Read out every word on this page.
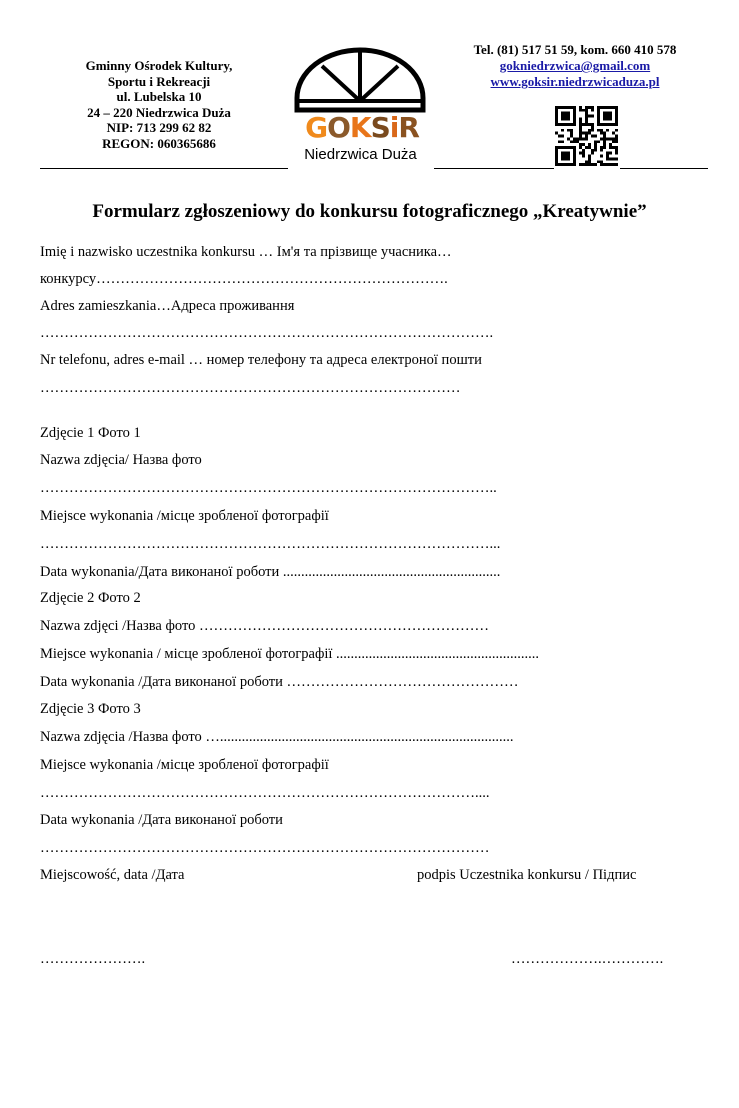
Gminny Ośrodek Kultury,
Sportu i Rekreacji
ul. Lubelska 10
24 – 220 Niedrzwica Duża
NIP: 713 299 62 82
REGON: 060365686	GOKSiR
Niedrzwica Duża
Tel. (81) 517 51 59, kom. 660 410 578
gokniedrzwica@gmail.com
www.goksir.niedrzwicaduza.pl
Formularz zgłoszeniowy do konkursu fotograficznego „Kreatywnie”
Imię i nazwisko uczestnika konkursu … Ім'я та прізвище учасника…
конкурсу……………………………………………………………….
Adres zamieszkania…Адреса проживання
………………………………………………………………………………….
Nr telefonu, adres e-mail … номер телефону та адреса електроної пошти
……………………………………………………………………………
Zdjęcie 1 Фото 1
Nazwa zdjęcia/ Назва фото
…………………………………………………………………………………..
Miejsce wykonania /місце зробленої фотографії
…………………………………………………………………………………...
Data wykonania/Дата виконаної роботи ............................................................
Zdjęcie 2 Фото 2
Nazwa zdjęci /Назва фото ……………………………………………………
Miejsce wykonania / місце зробленої фотографії ........................................................
Data wykonania /Дата виконаної роботи …………………………………………
Zdjęcie 3 Фото 3
Nazwa zdjęcia /Назва фото ….................................................................................
Miejsce wykonania /місце зробленої фотографії
………………………………………………………………………………....
Data wykonania /Дата виконаної роботи
…………………………………………………………………………………
Miejscowość, data /Дата	podpis Uczestnika konkursu / Підпис
………………….	……………….………….
